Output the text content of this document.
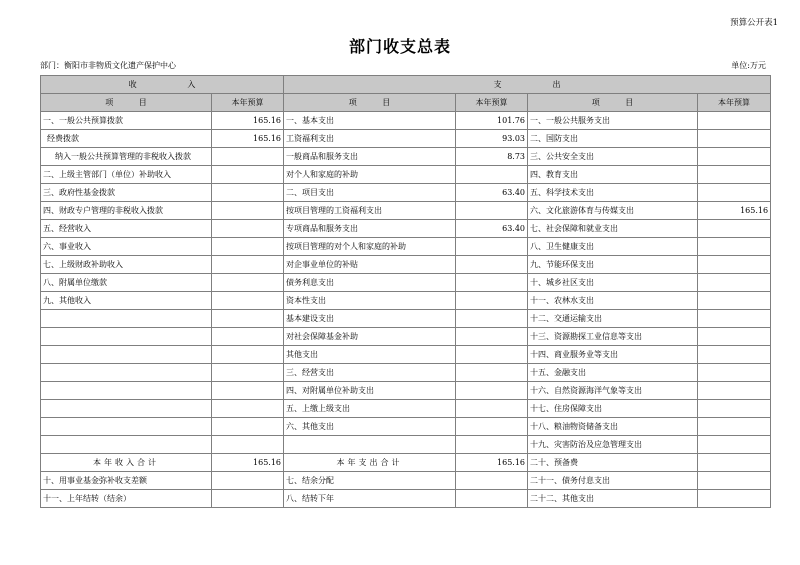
预算公开表1
部门收支总表
部门：衡阳市非物质文化遗产保护中心	单位:万元
收                    入		支                    出			
项          目	本年预算	项          目	本年预算	项          目	本年预算
一、一般公共预算拨款	165.16	一、基本支出	101.76	一、一般公共服务支出	
经费拨款	165.16	工资福利支出	93.03	二、国防支出	
纳入一般公共预算管理的非税收入拨款		一般商品和服务支出	8.73	三、公共安全支出	
二、上级主管部门（单位）补助收入		对个人和家庭的补助		四、教育支出	
三、政府性基金拨款		二、项目支出	63.40	五、科学技术支出	
四、财政专户管理的非税收入拨款		按项目管理的工资福利支出		六、文化旅游体育与传媒支出	165.16
五、经营收入		专项商品和服务支出	63.40	七、社会保障和就业支出	
六、事业收入		按项目管理的对个人和家庭的补助		八、卫生健康支出	
七、上级财政补助收入		对企事业单位的补贴		九、节能环保支出	
八、附属单位缴款		债务利息支出		十、城乡社区支出	
九、其他收入		资本性支出		十一、农林水支出	
		基本建设支出		十二、交通运输支出	
		对社会保障基金补助		十三、资源勘探工业信息等支出	
		其他支出		十四、商业服务业等支出	
		三、经营支出		十五、金融支出	
		四、对附属单位补助支出		十六、自然资源海洋气象等支出	
		五、上缴上级支出		十七、住房保障支出	
		六、其他支出		十八、粮油物资储备支出	
				十九、灾害防治及应急管理支出	
本年收入合计	165.16	本年支出合计	165.16	二十、预备费	
十、用事业基金弥补收支差额		七、结余分配		二十一、债务付息支出	
十一、上年结转（结余）		八、结转下年		二十二、其他支出	
